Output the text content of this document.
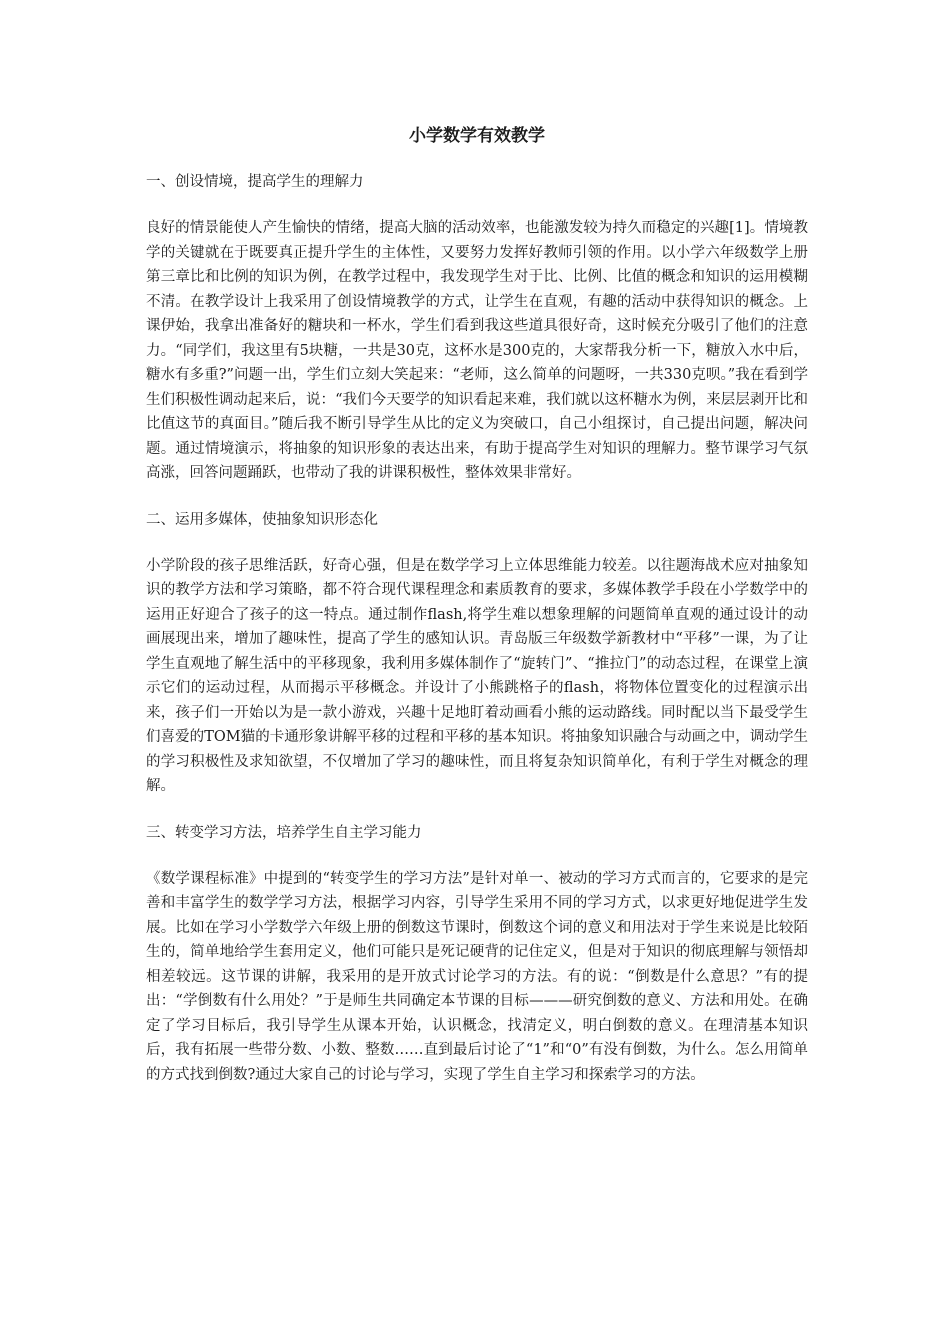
小学数学有效教学
一、创设情境，提高学生的理解力
良好的情景能使人产生愉快的情绪，提高大脑的活动效率，也能激发较为持久而稳定的兴趣[1]。情境教学的关键就在于既要真正提升学生的主体性，又要努力发挥好教师引领的作用。以小学六年级数学上册第三章比和比例的知识为例，在教学过程中，我发现学生对于比、比例、比值的概念和知识的运用模糊不清。在教学设计上我采用了创设情境教学的方式，让学生在直观，有趣的活动中获得知识的概念。上课伊始，我拿出准备好的糖块和一杯水，学生们看到我这些道具很好奇，这时候充分吸引了他们的注意力。“同学们，我这里有5块糖，一共是30克，这杯水是300克的，大家帮我分析一下，糖放入水中后，糖水有多重?”问题一出，学生们立刻大笑起来：“老师，这么简单的问题呀，一共330克呗。”我在看到学生们积极性调动起来后，说：“我们今天要学的知识看起来难，我们就以这杯糖水为例，来层层剥开比和比值这节的真面目。”随后我不断引导学生从比的定义为突破口，自己小组探讨，自己提出问题，解决问题。通过情境演示，将抽象的知识形象的表达出来，有助于提高学生对知识的理解力。整节课学习气氛高涨，回答问题踊跃，也带动了我的讲课积极性，整体效果非常好。
二、运用多媒体，使抽象知识形态化
小学阶段的孩子思维活跃，好奇心强，但是在数学学习上立体思维能力较差。以往题海战术应对抽象知识的教学方法和学习策略，都不符合现代课程理念和素质教育的要求，多媒体教学手段在小学数学中的运用正好迎合了孩子的这一特点。通过制作flash,将学生难以想象理解的问题简单直观的通过设计的动画展现出来，增加了趣味性，提高了学生的感知认识。青岛版三年级数学新教材中“平移”一课，为了让学生直观地了解生活中的平移现象，我利用多媒体制作了“旋转门”、“推拉门”的动态过程，在课堂上演示它们的运动过程，从而揭示平移概念。并设计了小熊跳格子的flash，将物体位置变化的过程演示出来，孩子们一开始以为是一款小游戏，兴趣十足地盯着动画看小熊的运动路线。同时配以当下最受学生们喜爱的TOM猫的卡通形象讲解平移的过程和平移的基本知识。将抽象知识融合与动画之中，调动学生的学习积极性及求知欲望，不仅增加了学习的趣味性，而且将复杂知识简单化，有利于学生对概念的理解。
三、转变学习方法，培养学生自主学习能力
《数学课程标准》中提到的“转变学生的学习方法”是针对单一、被动的学习方式而言的，它要求的是完善和丰富学生的数学学习方法，根据学习内容，引导学生采用不同的学习方式，以求更好地促进学生发展。比如在学习小学数学六年级上册的倒数这节课时，倒数这个词的意义和用法对于学生来说是比较陌生的，简单地给学生套用定义，他们可能只是死记硬背的记住定义，但是对于知识的彻底理解与领悟却相差较远。这节课的讲解，我采用的是开放式讨论学习的方法。有的说：“倒数是什么意思？”有的提出：“学倒数有什么用处？”于是师生共同确定本节课的目标———研究倒数的意义、方法和用处。在确定了学习目标后，我引导学生从课本开始，认识概念，找清定义，明白倒数的意义。在理清基本知识后，我有拓展一些带分数、小数、整数……直到最后讨论了“1”和“0”有没有倒数，为什么。怎么用简单的方式找到倒数?通过大家自己的讨论与学习，实现了学生自主学习和探索学习的方法。
